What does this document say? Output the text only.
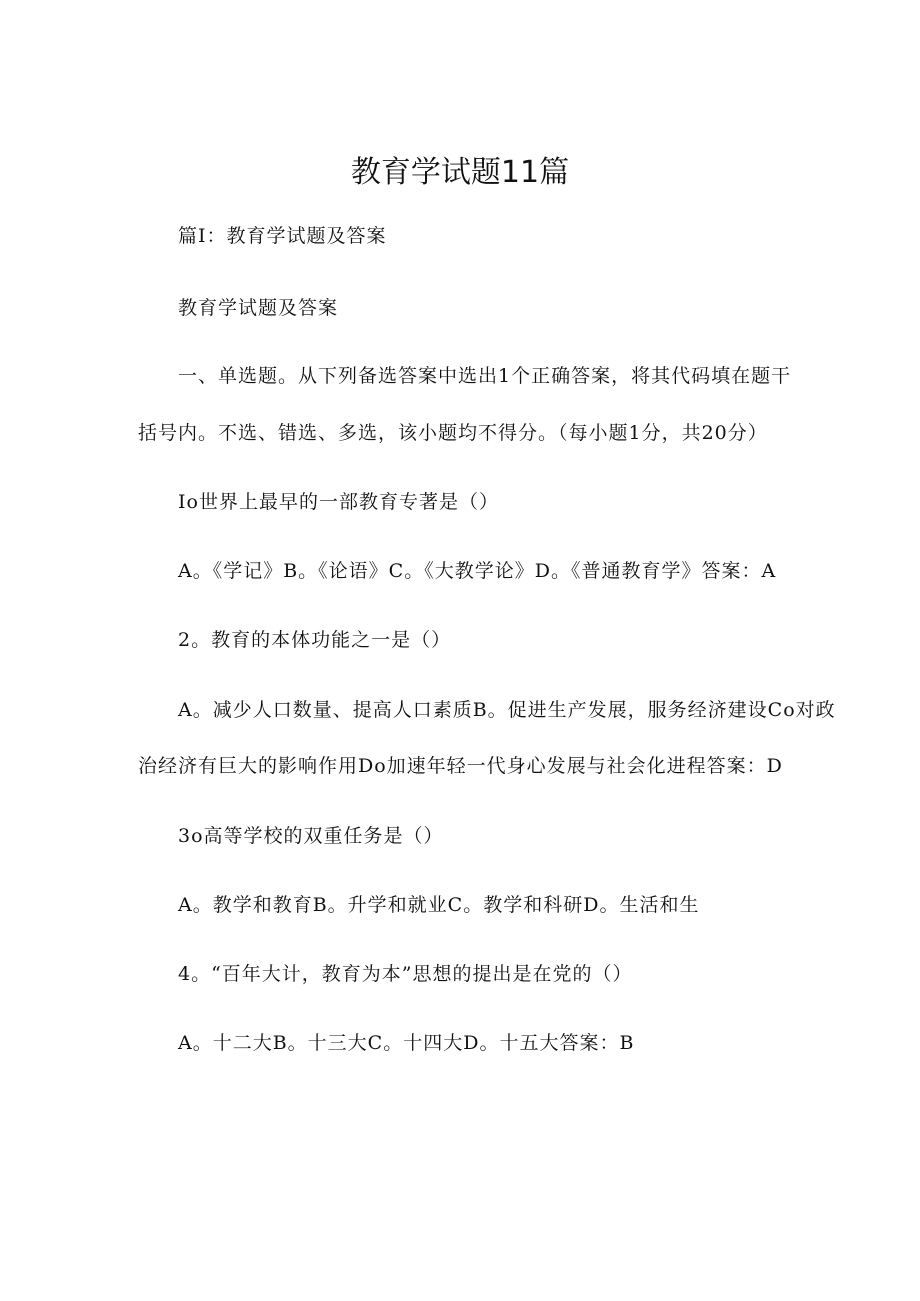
教育学试题11篇

篇I：教育学试题及答案

教育学试题及答案

一、单选题。从下列备选答案中选出1个正确答案，将其代码填在题干

括号内。不选、错选、多选，该小题均不得分。（每小题1分，共20分）

Io世界上最早的一部教育专著是（）

A。《学记》B。《论语》C。《大教学论》D。《普通教育学》答案：A

2。教育的本体功能之一是（）

A。减少人口数量、提高人口素质B。促进生产发展，服务经济建设Co对政

治经济有巨大的影响作用Do加速年轻一代身心发展与社会化进程答案：D

3o高等学校的双重任务是（）

A。教学和教育B。升学和就业C。教学和科研D。生活和生

4。“百年大计，教育为本”思想的提出是在党的（）

A。十二大B。十三大C。十四大D。十五大答案：B
